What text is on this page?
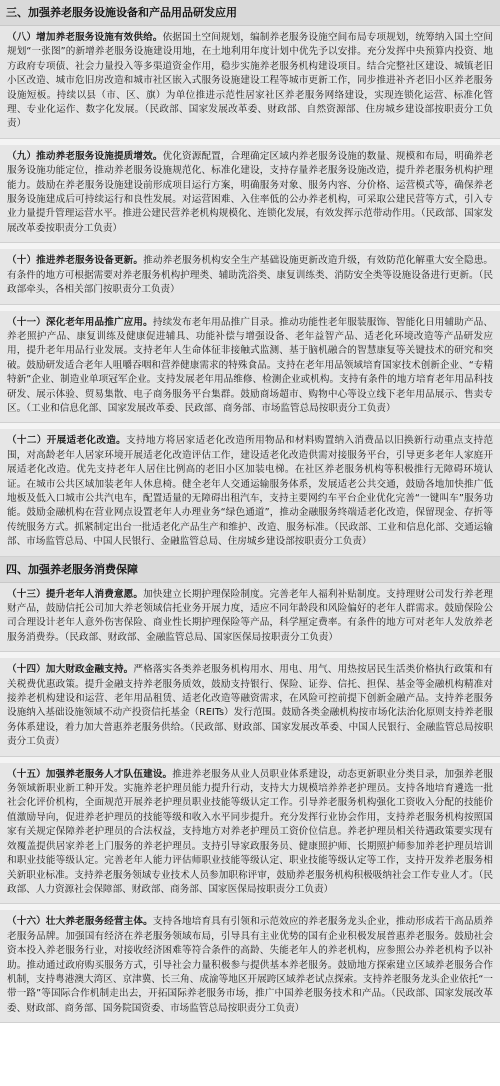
三、加强养老服务设施设备和产品用品研发应用
（八）增加养老服务设施有效供给。依据国土空间规划，编制养老服务设施空间布局专项规划，统筹纳入国土空间规划“一张图”的新增养老服务设施建设用地，在土地利用年度计划中优先予以安排。充分发挥中央预算内投资、地方政府专项债、社会力量投入等多渠道资金作用，稳步实施养老服务机构建设项目。结合完整社区建设、城镇老旧小区改造、城市危旧房改造和城市社区嵌入式服务设施建设工程等城市更新工作，同步推进补齐老旧小区养老服务设施短板。持续以县（市、区、旗）为单位推进示范性居家社区养老服务网络建设，实现连锁化运营、标准化管理、专业化运作、数字化发展。（民政部、国家发展改革委、财政部、自然资源部、住房城乡建设部按职责分工负责）
（九）推动养老服务设施提质增效。优化资源配置，合理确定区域内养老服务设施的数量、规模和布局，明确养老服务设施功能定位，推动养老服务设施规范化、标准化建设，支持存量养老服务设施改造，提升养老服务机构护理能力。鼓励在养老服务设施建设前形成项目运行方案，明确服务对象、服务内容、分价格、运营模式等，确保养老服务设施建成后可持续运行和良性发展。对运营困难、入住率低的公办养老机构，可采取公建民营等方式，引入专业力量提升管理运营水平。推进公建民营养老机构规模化、连锁化发展，有效发挥示范带动作用。（民政部、国家发展改革委按职责分工负责）
（十）推进养老服务设备更新。推动养老服务机构安全生产基础设施更新改造升级，有效防范化解重大安全隐患。有条件的地方可根据需要对养老服务机构护理类、辅助洗浴类、康复训练类、消防安全类等设施设备进行更新。（民政部牵头，各相关部门按职责分工负责）
（十一）深化老年用品推广应用。持续发布老年用品推广目录。推动功能性老年服装服饰、智能化日用辅助产品、养老照护产品、康复训练及健康促进辅具、功能补偿与增强设备、老年益智产品、适老化环境改造等产品研发应用，提升老年用品行业发展。支持老年人生命体征非接触式监测、基于脑机融合的智慧康复等关键技术的研究和突破。鼓励研发适合老年人咀嚼吞咽和营养健康需求的特殊食品。支持在老年用品领域培育国家技术创新企业、“专精特新”企业、制造业单项冠军企业。支持发展老年用品维修、检测企业或机构。支持有条件的地方培育老年用品科技研发、展示体验、贸易集散、电子商务服务平台集群。鼓励商场超市、购物中心等设立线下老年用品展示、售卖专区。（工业和信息化部、国家发展改革委、民政部、商务部、市场监管总局按职责分工负责）
（十二）开展适老化改造。支持地方将居家适老化改造所用物品和材料购置纳入消费品以旧换新行动重点支持范围，对高龄老年人居家环境开展适老化改造评估工作，建设适老化改造供需对接服务平台，引导更多老年人家庭开展适老化改造。优先支持老年人居住比例高的老旧小区加装电梯。在社区养老服务机构等积极推行无障碍环境认证。在城市公共区域加装老年人休息椅。健全老年人交通运输服务体系，发展适老公共交通，鼓励各地加快推广低地板及低入口城市公共汽电车，配置适量的无障碍出租汽车，支持主要网约车平台企业优化完善“一键叫车”服务功能。鼓励金融机构在营业网点设置老年人办理业务“绿色通道”，推动金融服务终端适老化改造，保留现金、存折等传统服务方式。抓紧制定出台一批适老化产品生产和维护、改造、服务标准。（民政部、工业和信息化部、交通运输部、市场监管总局、中国人民银行、金融监管总局、住房城乡建设部按职责分工负责）
四、加强养老服务消费保障
（十三）提升老年人消费意愿。加快建立长期护理保险制度。完善老年人福利补贴制度。支持理财公司发行养老理财产品，鼓励信托公司加大养老领域信托业务开展力度，适应不同年龄段和风险偏好的老年人群需求。鼓励保险公司合理设计老年人意外伤害保险、商业性长期护理保险等产品，科学厘定费率。有条件的地方可对老年人发放养老服务消费券。（民政部、财政部、金融监管总局、国家医保局按职责分工负责）
（十四）加大财政金融支持。严格落实各类养老服务机构用水、用电、用气、用热按居民生活类价格执行政策和有关税费优惠政策。提升金融支持养老服务质效，鼓励支持银行、保险、证券、信托、担保、基金等金融机构精准对接养老机构建设和运营、老年用品租赁、适老化改造等融资需求，在风险可控前提下创新金融产品。支持养老服务设施纳入基础设施领域不动产投资信托基金（REITs）发行范围。鼓励各类金融机构按市场化法治化原则支持养老服务体系建设，着力加大普惠养老服务供给。（民政部、财政部、国家发展改革委、中国人民银行、金融监管总局按职责分工负责）
（十五）加强养老服务人才队伍建设。推进养老服务从业人员职业体系建设，动态更新职业分类目录，加强养老服务领域新职业新工种开发。实施养老护理员能力提升行动，支持大力规模培养养老护理员。支持各地培育遴选一批社会化评价机构，全面规范开展养老护理员职业技能等级认定工作。引导养老服务机构强化工资收入分配的技能价值激励导向，促进养老护理员的技能等级和收入水平同步提升。充分发挥行业协会作用，支持养老服务机构按照国家有关规定保障养老护理员的合法权益，支持地方对养老护理员工资价位信息。养老护理员相关待遇政策要实现有效覆盖提供居家养老上门服务的养老护理员。支持引导家政服务员、健康照护师、长期照护师参加养老护理员培训和职业技能等级认定。完善老年人能力评估师职业技能等级认定、职业技能等级认定等工作，支持开发养老服务相关新职业标准。支持养老服务领域专业技术人员参加职称评审，鼓励养老服务机构积极吸纳社会工作专业人才。（民政部、人力资源社会保障部、财政部、商务部、国家医保局按职责分工负责）
（十六）壮大养老服务经营主体。支持各地培育具有引领和示范效应的养老服务龙头企业，推动形成若干高品质养老服务品牌。加强国有经济在养老服务领域布局，引导具有主业优势的国有企业积极发展普惠养老服务。鼓励社会资本投入养老服务行业，对接收经济困难等符合条件的高龄、失能老年人的养老机构，应参照公办养老机构予以补助。推动通过政府购买服务方式，引导社会力量积极参与提供基本养老服务。鼓励地方探索建立区域养老服务合作机制，支持粤港澳大湾区、京津冀、长三角、成渝等地区开展跨区域养老试点探索。支持养老服务龙头企业依托“一带一路”等国际合作机制走出去，开拓国际养老服务市场，推广中国养老服务技术和产品。（民政部、国家发展改革委、财政部、商务部、国务院国资委、市场监管总局按职责分工负责）
